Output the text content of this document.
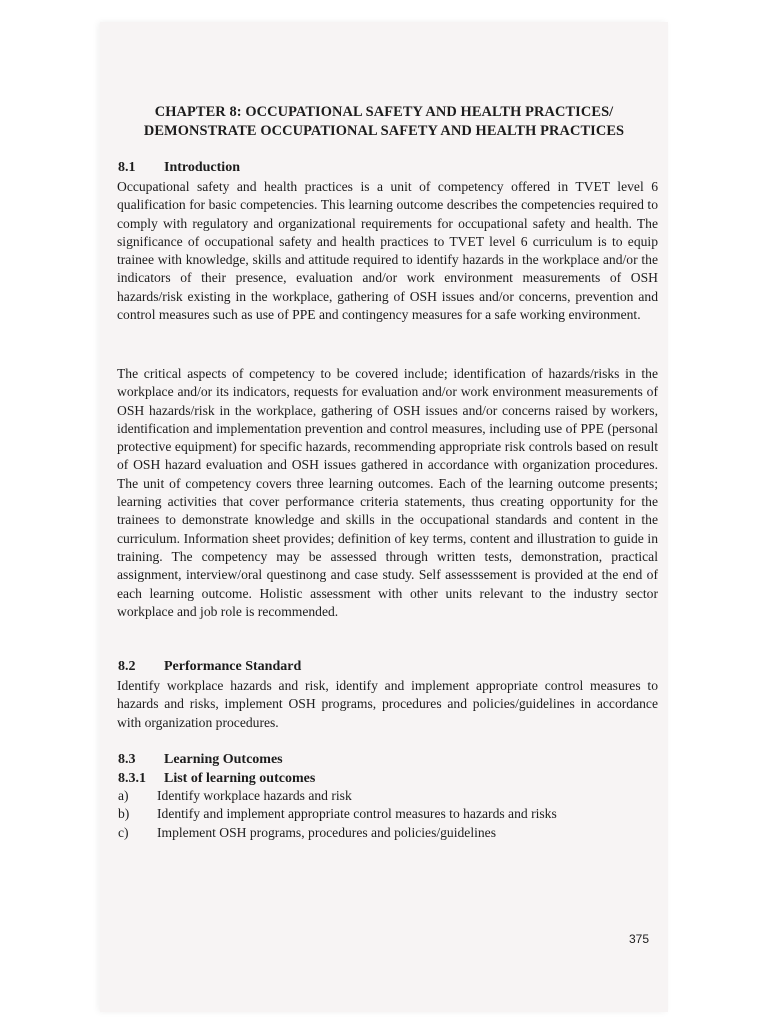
CHAPTER 8: OCCUPATIONAL SAFETY AND HEALTH PRACTICES/
DEMONSTRATE OCCUPATIONAL SAFETY AND HEALTH PRACTICES
8.1 Introduction

Occupational safety and health practices is a unit of competency offered in TVET level 6 qualification for basic competencies. This learning outcome describes the competencies required to comply with regulatory and organizational requirements for occupational safety and health. The significance of occupational safety and health practices to TVET level 6 curriculum is to equip trainee with knowledge, skills and attitude required to identify hazards in the workplace and/or the indicators of their presence, evaluation and/or work environment measurements of OSH hazards/risk existing in the workplace, gathering of OSH issues and/or concerns, prevention and control measures such as use of PPE and contingency measures for a safe working environment.

The critical aspects of competency to be covered include; identification of hazards/risks in the workplace and/or its indicators, requests for evaluation and/or work environment measurements of OSH hazards/risk in the workplace, gathering of OSH issues and/or concerns raised by workers, identification and implementation prevention and control measures, including use of PPE (personal protective equipment) for specific hazards, recommending appropriate risk controls based on result of OSH hazard evaluation and OSH issues gathered in accordance with organization procedures. The unit of competency covers three learning outcomes. Each of the learning outcome presents; learning activities that cover performance criteria statements, thus creating opportunity for the trainees to demonstrate knowledge and skills in the occupational standards and content in the curriculum. Information sheet provides; definition of key terms, content and illustration to guide in training. The competency may be assessed through written tests, demonstration, practical assignment, interview/oral questinong and case study. Self assesssement is provided at the end of each learning outcome. Holistic assessment with other units relevant to the industry sector workplace and job role is recommended.

8.2 Performance Standard

Identify workplace hazards and risk, identify and implement appropriate control measures to hazards and risks, implement OSH programs, procedures and policies/guidelines in accordance with organization procedures.

8.3 Learning Outcomes
8.3.1 List of learning outcomes
a) Identify workplace hazards and risk
b) Identify and implement appropriate control measures to hazards and risks
c) Implement OSH programs, procedures and policies/guidelines
375
